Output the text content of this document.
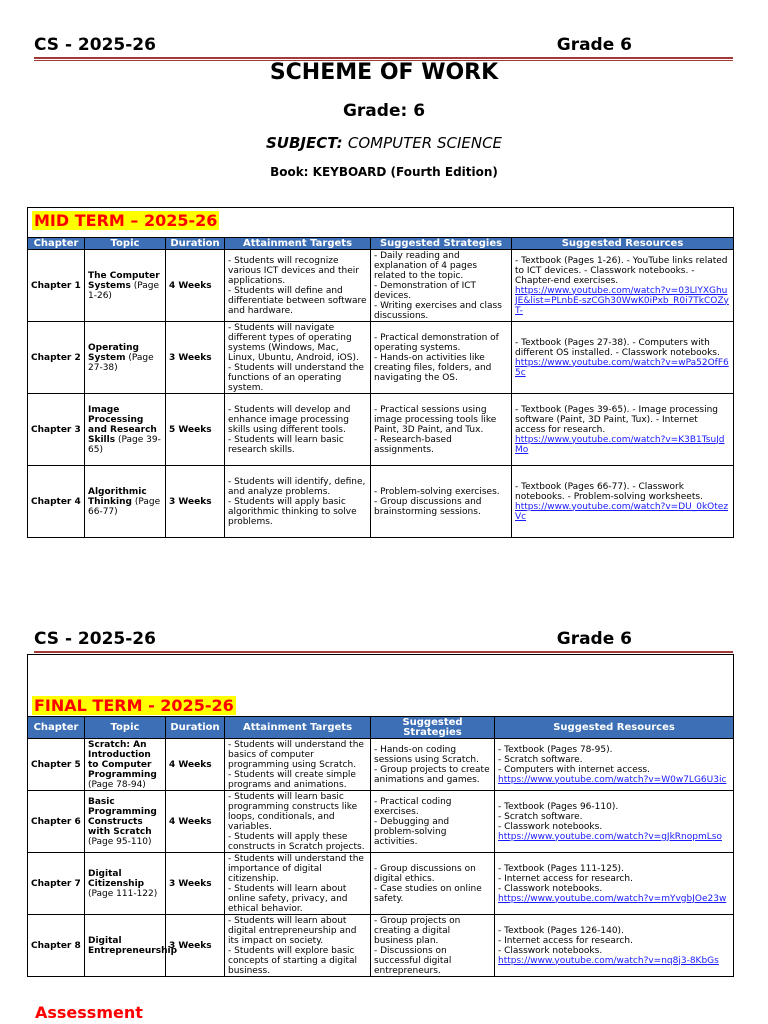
CS - 2025-26	Grade 6
SCHEME OF WORK
Grade: 6
SUBJECT: COMPUTER SCIENCE
Book: KEYBOARD (Fourth Edition)
MID TERM – 2025-26					
Chapter	Topic	Duration	Attainment Targets	Suggested Strategies	Suggested Resources
Chapter 1	The Computer Systems (Page 1-26)	4 Weeks	- Students will recognize various ICT devices and their applications.
- Students will define and differentiate between software and hardware.	- Daily reading and explanation of 4 pages related to the topic.
- Demonstration of ICT devices.
- Writing exercises and class discussions.	- Textbook (Pages 1-26). - YouTube links related to ICT devices. - Classwork notebooks. - Chapter-end exercises.
https://www.youtube.com/watch?v=03LIYXGhuJE&list=PLnbE-szCGh30WwK0iPxb_R0i7TkCOZyT-
Chapter 2	Operating System (Page 27-38)	3 Weeks	- Students will navigate different types of operating systems (Windows, Mac, Linux, Ubuntu, Android, iOS).
- Students will understand the functions of an operating system.	- Practical demonstration of operating systems.
- Hands-on activities like creating files, folders, and navigating the OS.	- Textbook (Pages 27-38). - Computers with different OS installed. - Classwork notebooks.
https://www.youtube.com/watch?v=wPa52OfF65c
Chapter 3	Image Processing and Research Skills (Page 39-65)	5 Weeks	- Students will develop and enhance image processing skills using different tools.
- Students will learn basic research skills.	- Practical sessions using image processing tools like Paint, 3D Paint, and Tux.
- Research-based assignments.	- Textbook (Pages 39-65). - Image processing software (Paint, 3D Paint, Tux). - Internet access for research.
https://www.youtube.com/watch?v=K3B1TsuJdMo
Chapter 4	Algorithmic Thinking (Page 66-77)	3 Weeks	- Students will identify, define, and analyze problems.
- Students will apply basic algorithmic thinking to solve problems.	- Problem-solving exercises.
- Group discussions and brainstorming sessions.	- Textbook (Pages 66-77). - Classwork notebooks. - Problem-solving worksheets.
https://www.youtube.com/watch?v=DU_0kOtezVc
CS - 2025-26	Grade 6

FINAL TERM - 2025-26					
Chapter	Topic	Duration	Attainment Targets	Suggested Strategies	Suggested Resources
Chapter 5	Scratch: An Introduction to Computer Programming (Page 78-94)	4 Weeks	- Students will understand the basics of computer programming using Scratch.
- Students will create simple programs and animations.	- Hands-on coding sessions using Scratch.
- Group projects to create animations and games.	- Textbook (Pages 78-95).
- Scratch software.
- Computers with internet access.
https://www.youtube.com/watch?v=W0w7LG6U3ic
Chapter 6	Basic Programming Constructs with Scratch (Page 95-110)	4 Weeks	- Students will learn basic programming constructs like loops, conditionals, and variables.
- Students will apply these constructs in Scratch projects.	- Practical coding exercises.
- Debugging and problem-solving activities.	- Textbook (Pages 96-110).
- Scratch software.
- Classwork notebooks.
https://www.youtube.com/watch?v=gJkRnopmLso
Chapter 7	Digital Citizenship (Page 111-122)	3 Weeks	- Students will understand the importance of digital citizenship.
- Students will learn about online safety, privacy, and ethical behavior.	- Group discussions on digital ethics.
- Case studies on online safety.	- Textbook (Pages 111-125).
- Internet access for research.
- Classwork notebooks.
https://www.youtube.com/watch?v=mYvgbJOe23w
Chapter 8	Digital Entrepreneurship	3 Weeks	- Students will learn about digital entrepreneurship and its impact on society.
- Students will explore basic concepts of starting a digital business.	- Group projects on creating a digital business plan.
- Discussions on successful digital entrepreneurs.	- Textbook (Pages 126-140).
- Internet access for research.
- Classwork notebooks.
https://www.youtube.com/watch?v=nq8j3-8KbGs
Assessment
